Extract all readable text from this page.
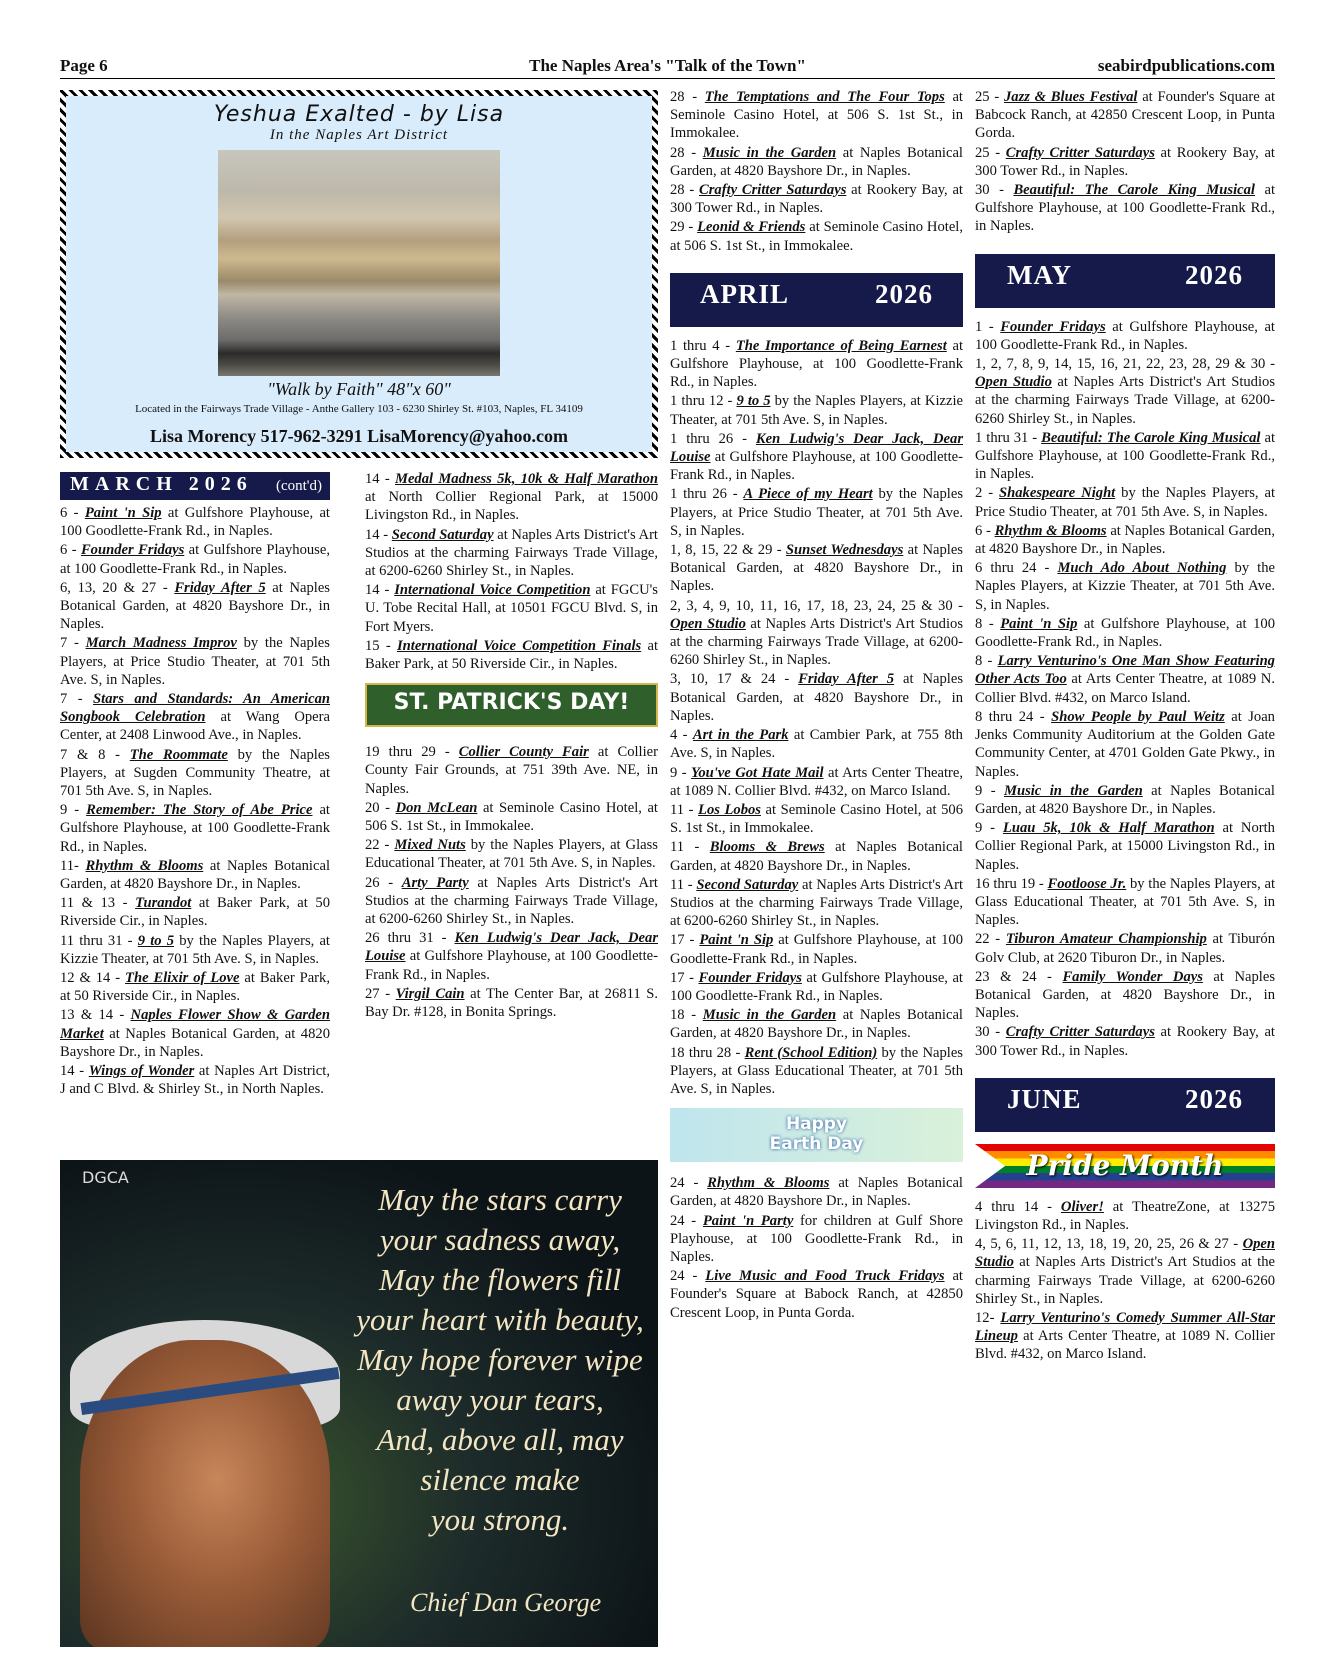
Page 6	The Naples Area's "Talk of the Town"	seabirdpublications.com
Yeshua Exalted - by Lisa
In the Naples Art District
"Walk by Faith" 48"x 60"
Located in the Fairways Trade Village - Anthe Gallery 103 - 6230 Shirley St. #103, Naples, FL 34109
Lisa Morency 517-962-3291 LisaMorency@yahoo.com
MARCH 2026 (cont'd)

6 - Paint 'n Sip at Gulfshore Playhouse, at 100 Goodlette-Frank Rd., in Naples.

6 - Founder Fridays at Gulfshore Playhouse, at 100 Goodlette-Frank Rd., in Naples.

6, 13, 20 & 27 - Friday After 5 at Naples Botanical Garden, at 4820 Bayshore Dr., in Naples.

7 - March Madness Improv by the Naples Players, at Price Studio Theater, at 701 5th Ave. S, in Naples.

7 - Stars and Standards: An American Songbook Celebration at Wang Opera Center, at 2408 Linwood Ave., in Naples.

7 & 8 - The Roommate by the Naples Players, at Sugden Community Theatre, at 701 5th Ave. S, in Naples.

9 - Remember: The Story of Abe Price at Gulfshore Playhouse, at 100 Goodlette-Frank Rd., in Naples.

11- Rhythm & Blooms at Naples Botanical Garden, at 4820 Bayshore Dr., in Naples.

11 & 13 - Turandot at Baker Park, at 50 Riverside Cir., in Naples.

11 thru 31 - 9 to 5 by the Naples Players, at Kizzie Theater, at 701 5th Ave. S, in Naples.

12 & 14 - The Elixir of Love at Baker Park, at 50 Riverside Cir., in Naples.

13 & 14 - Naples Flower Show & Garden Market at Naples Botanical Garden, at 4820 Bayshore Dr., in Naples.

14 - Wings of Wonder at Naples Art District, J and C Blvd. & Shirley St., in North Naples.

14 - Medal Madness 5k, 10k & Half Marathon at North Collier Regional Park, at 15000 Livingston Rd., in Naples.

14 - Second Saturday at Naples Arts District's Art Studios at the charming Fairways Trade Village, at 6200-6260 Shirley St., in Naples.

14 - International Voice Competition at FGCU's U. Tobe Recital Hall, at 10501 FGCU Blvd. S, in Fort Myers.

15 - International Voice Competition Finals at Baker Park, at 50 Riverside Cir., in Naples.

ST. PATRICK'S DAY!

19 thru 29 - Collier County Fair at Collier County Fair Grounds, at 751 39th Ave. NE, in Naples.

20 - Don McLean at Seminole Casino Hotel, at 506 S. 1st St., in Immokalee.

22 - Mixed Nuts by the Naples Players, at Glass Educational Theater, at 701 5th Ave. S, in Naples.

26 - Arty Party at Naples Arts District's Art Studios at the charming Fairways Trade Village, at 6200-6260 Shirley St., in Naples.

26 thru 31 - Ken Ludwig's Dear Jack, Dear Louise at Gulfshore Playhouse, at 100 Goodlette-Frank Rd., in Naples.

27 - Virgil Cain at The Center Bar, at 26811 S. Bay Dr. #128, in Bonita Springs.

DGCA
May the stars carry
your sadness away,
May the flowers fill
your heart with beauty,
May hope forever wipe
away your tears,
And, above all, may
silence make
you strong.
Chief Dan George

28 - The Temptations and The Four Tops at Seminole Casino Hotel, at 506 S. 1st St., in Immokalee.

28 - Music in the Garden at Naples Botanical Garden, at 4820 Bayshore Dr., in Naples.

28 - Crafty Critter Saturdays at Rookery Bay, at 300 Tower Rd., in Naples.

29 - Leonid & Friends at Seminole Casino Hotel, at 506 S. 1st St., in Immokalee.

APRIL	2026

1 thru 4 - The Importance of Being Earnest at Gulfshore Playhouse, at 100 Goodlette-Frank Rd., in Naples.

1 thru 12 - 9 to 5 by the Naples Players, at Kizzie Theater, at 701 5th Ave. S, in Naples.

1 thru 26 - Ken Ludwig's Dear Jack, Dear Louise at Gulfshore Playhouse, at 100 Goodlette-Frank Rd., in Naples.

1 thru 26 - A Piece of my Heart by the Naples Players, at Price Studio Theater, at 701 5th Ave. S, in Naples.

1, 8, 15, 22 & 29 - Sunset Wednesdays at Naples Botanical Garden, at 4820 Bayshore Dr., in Naples.

2, 3, 4, 9, 10, 11, 16, 17, 18, 23, 24, 25 & 30 - Open Studio at Naples Arts District's Art Studios at the charming Fairways Trade Village, at 6200-6260 Shirley St., in Naples.

3, 10, 17 & 24 - Friday After 5 at Naples Botanical Garden, at 4820 Bayshore Dr., in Naples.

4 - Art in the Park at Cambier Park, at 755 8th Ave. S, in Naples.

9 - You've Got Hate Mail at Arts Center Theatre, at 1089 N. Collier Blvd. #432, on Marco Island.

11 - Los Lobos at Seminole Casino Hotel, at 506 S. 1st St., in Immokalee.

11 - Blooms & Brews at Naples Botanical Garden, at 4820 Bayshore Dr., in Naples.

11 - Second Saturday at Naples Arts District's Art Studios at the charming Fairways Trade Village, at 6200-6260 Shirley St., in Naples.

17 - Paint 'n Sip at Gulfshore Playhouse, at 100 Goodlette-Frank Rd., in Naples.

17 - Founder Fridays at Gulfshore Playhouse, at 100 Goodlette-Frank Rd., in Naples.

18 - Music in the Garden at Naples Botanical Garden, at 4820 Bayshore Dr., in Naples.

18 thru 28 - Rent (School Edition) by the Naples Players, at Glass Educational Theater, at 701 5th Ave. S, in Naples.

Happy
Earth Day

24 - Rhythm & Blooms at Naples Botanical Garden, at 4820 Bayshore Dr., in Naples.

24 - Paint 'n Party for children at Gulf Shore Playhouse, at 100 Goodlette-Frank Rd., in Naples.

24 - Live Music and Food Truck Fridays at Founder's Square at Babock Ranch, at 42850 Crescent Loop, in Punta Gorda.

25 - Jazz & Blues Festival at Founder's Square at Babcock Ranch, at 42850 Crescent Loop, in Punta Gorda.

25 - Crafty Critter Saturdays at Rookery Bay, at 300 Tower Rd., in Naples.

30 - Beautiful: The Carole King Musical at Gulfshore Playhouse, at 100 Goodlette-Frank Rd., in Naples.

MAY	2026

1 - Founder Fridays at Gulfshore Playhouse, at 100 Goodlette-Frank Rd., in Naples.

1, 2, 7, 8, 9, 14, 15, 16, 21, 22, 23, 28, 29 & 30 - Open Studio at Naples Arts District's Art Studios at the charming Fairways Trade Village, at 6200-6260 Shirley St., in Naples.

1 thru 31 - Beautiful: The Carole King Musical at Gulfshore Playhouse, at 100 Goodlette-Frank Rd., in Naples.

2 - Shakespeare Night by the Naples Players, at Price Studio Theater, at 701 5th Ave. S, in Naples.

6 - Rhythm & Blooms at Naples Botanical Garden, at 4820 Bayshore Dr., in Naples.

6 thru 24 - Much Ado About Nothing by the Naples Players, at Kizzie Theater, at 701 5th Ave. S, in Naples.

8 - Paint 'n Sip at Gulfshore Playhouse, at 100 Goodlette-Frank Rd., in Naples.

8 - Larry Venturino's One Man Show Featuring Other Acts Too at Arts Center Theatre, at 1089 N. Collier Blvd. #432, on Marco Island.

8 thru 24 - Show People by Paul Weitz at Joan Jenks Community Auditorium at the Golden Gate Community Center, at 4701 Golden Gate Pkwy., in Naples.

9 - Music in the Garden at Naples Botanical Garden, at 4820 Bayshore Dr., in Naples.

9 - Luau 5k, 10k & Half Marathon at North Collier Regional Park, at 15000 Livingston Rd., in Naples.

16 thru 19 - Footloose Jr. by the Naples Players, at Glass Educational Theater, at 701 5th Ave. S, in Naples.

22 - Tiburon Amateur Championship at Tiburón Golv Club, at 2620 Tiburon Dr., in Naples.

23 & 24 - Family Wonder Days at Naples Botanical Garden, at 4820 Bayshore Dr., in Naples.

30 - Crafty Critter Saturdays at Rookery Bay, at 300 Tower Rd., in Naples.

JUNE	2026
Pride Month

4 thru 14 - Oliver! at TheatreZone, at 13275 Livingston Rd., in Naples.

4, 5, 6, 11, 12, 13, 18, 19, 20, 25, 26 & 27 - Open Studio at Naples Arts District's Art Studios at the charming Fairways Trade Village, at 6200-6260 Shirley St., in Naples.

12- Larry Venturino's Comedy Summer All-Star Lineup at Arts Center Theatre, at 1089 N. Collier Blvd. #432, on Marco Island.
